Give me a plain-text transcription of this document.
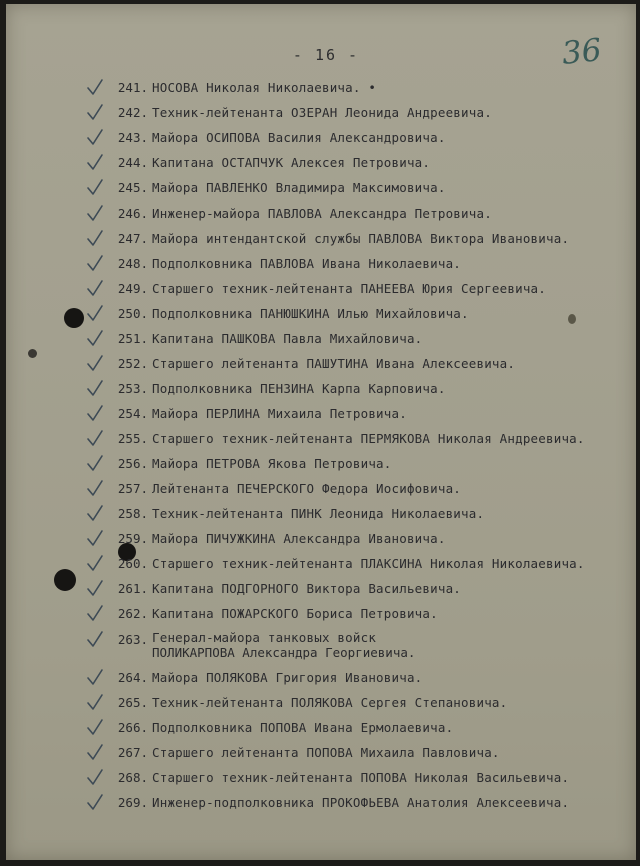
- 16 -	36
241. НОСОВА Николая Николаевича. •
242. Техник-лейтенанта ОЗЕРАН Леонида Андреевича.
243. Майора ОСИПОВА Василия Александровича.
244. Капитана ОСТАПЧУК Алексея Петровича.
245. Майора ПАВЛЕНКО Владимира Максимовича.
246. Инженер-майора ПАВЛОВА Александра Петровича.
247. Майора интендантской службы ПАВЛОВА Виктора Ивановича.
248. Подполковника ПАВЛОВА Ивана Николаевича.
249. Старшего техник-лейтенанта ПАНЕЕВА Юрия Сергеевича.
250. Подполковника ПАНЮШКИНА Илью Михайловича.
251. Капитана ПАШКОВА Павла Михайловича.
252. Старшего лейтенанта ПАШУТИНА Ивана Алексеевича.
253. Подполковника ПЕНЗИНА Карпа Карповича.
254. Майора ПЕРЛИНА Михаила Петровича.
255. Старшего техник-лейтенанта ПЕРМЯКОВА Николая Андреевича.
256. Майора ПЕТРОВА Якова Петровича.
257. Лейтенанта ПЕЧЕРСКОГО Федора Иосифовича.
258. Техник-лейтенанта ПИНК Леонида Николаевича.
259. Майора ПИЧУЖКИНА Александра Ивановича.
260. Старшего техник-лейтенанта ПЛАКСИНА Николая Николаевича.
261. Капитана ПОДГОРНОГО Виктора Васильевича.
262. Капитана ПОЖАРСКОГО Бориса Петровича.
263. Генерал-майора танковых войск
ПОЛИКАРПОВА Александра Георгиевича.
264. Майора ПОЛЯКОВА Григория Ивановича.
265. Техник-лейтенанта ПОЛЯКОВА Сергея Степановича.
266. Подполковника ПОПОВА Ивана Ермолаевича.
267. Старшего лейтенанта ПОПОВА Михаила Павловича.
268. Старшего техник-лейтенанта ПОПОВА Николая Васильевича.
269. Инженер-подполковника ПРОКОФЬЕВА Анатолия Алексеевича.
